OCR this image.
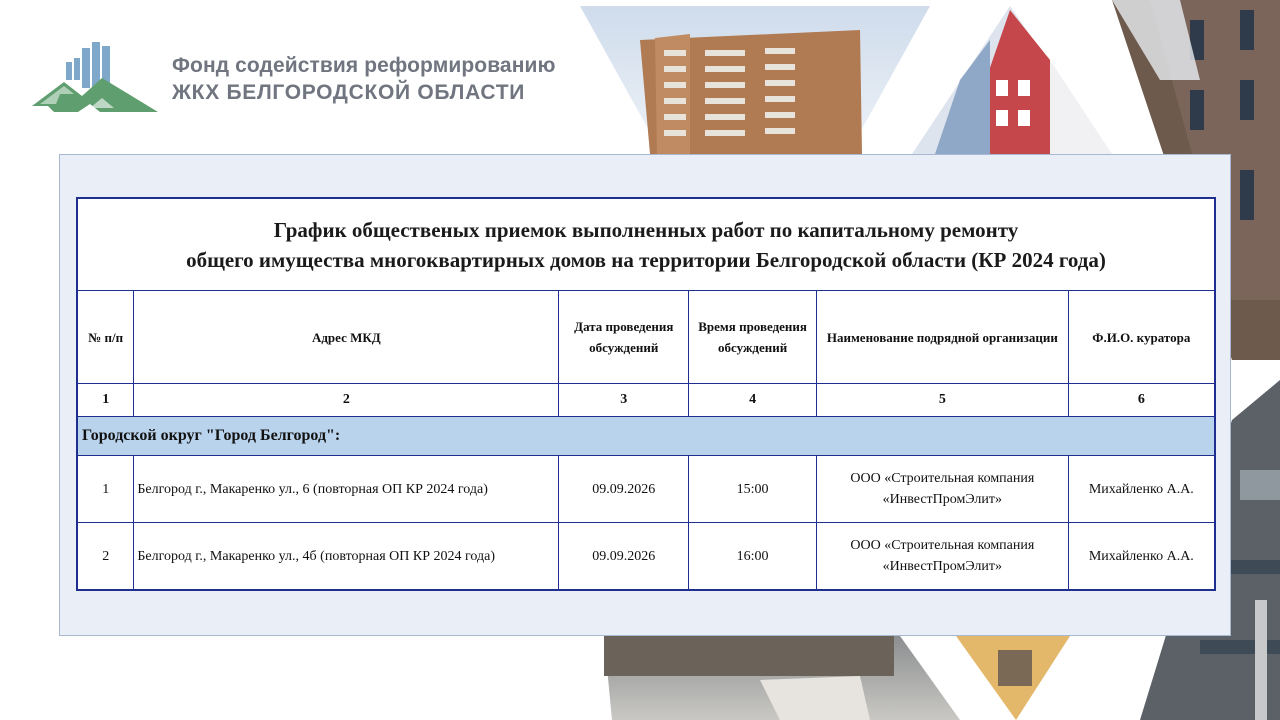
Фонд содействия реформированию
ЖКХ БЕЛГОРОДСКОЙ ОБЛАСТИ
График общественых приемок выполненных работ по капитальному ремонту
общего имущества многоквартирных домов на территории Белгородской области (КР 2024 года)					

№ п/п	Адрес МКД	Дата проведения обсуждений	Время проведения обсуждений	Наименование подрядной организации	Ф.И.О. куратора
1	2	3	4	5	6
Городской округ "Город Белгород":					
1	Белгород г., Макаренко ул., 6 (повторная ОП КР 2024 года)	09.09.2026	15:00	ООО «Строительная компания
«ИнвестПромЭлит»	Михайленко А.А.
2	Белгород г., Макаренко ул., 4б (повторная ОП КР 2024 года)	09.09.2026	16:00	ООО «Строительная компания
«ИнвестПромЭлит»	Михайленко А.А.
